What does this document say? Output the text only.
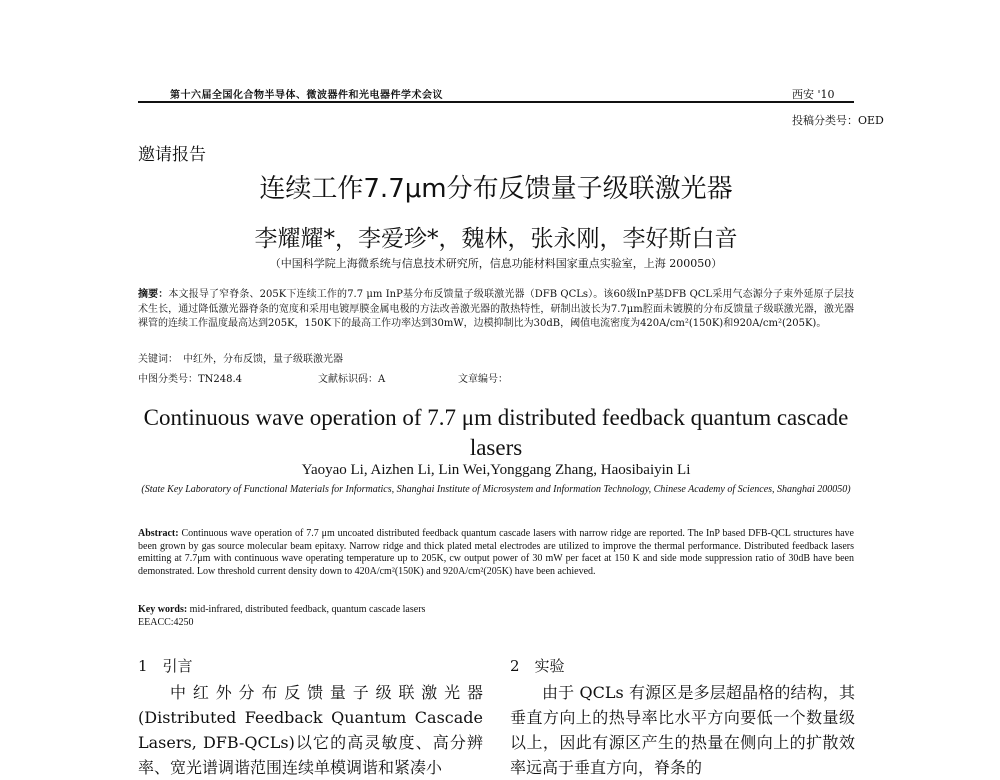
第十六届全国化合物半导体、微波器件和光电器件学术会议	西安 '10
投稿分类号：OED
邀请报告
连续工作7.7μm分布反馈量子级联激光器
李耀耀*，李爱珍*，魏林，张永刚，李好斯白音
（中国科学院上海微系统与信息技术研究所，信息功能材料国家重点实验室，上海 200050）
摘要：本文报导了窄脊条、205K下连续工作的7.7 μm InP基分布反馈量子级联激光器（DFB QCLs）。该60级InP基DFB QCL采用气态源分子束外延原子层技术生长，通过降低激光器脊条的宽度和采用电镀厚膜金属电极的方法改善激光器的散热特性，研制出波长为7.7μm腔面未镀膜的分布反馈量子级联激光器，激光器裸管的连续工作温度最高达到205K，150K下的最高工作功率达到30mW，边模抑制比为30dB，阈值电流密度为420A/cm²(150K)和920A/cm²(205K)。
关键词：　中红外，分布反馈，量子级联激光器
中图分类号：TN248.4	文献标识码：A	文章编号：
Continuous wave operation of 7.7 μm distributed feedback quantum cascade lasers
Yaoyao Li, Aizhen Li, Lin Wei,Yonggang Zhang, Haosibaiyin Li
(State Key Laboratory of Functional Materials for Informatics, Shanghai Institute of Microsystem and Information Technology, Chinese Academy of Sciences, Shanghai 200050)
Abstract: Continuous wave operation of 7.7 μm uncoated distributed feedback quantum cascade lasers with narrow ridge are reported. The InP based DFB-QCL structures have been grown by gas source molecular beam epitaxy. Narrow ridge and thick plated metal electrodes are utilized to improve the thermal performance. Distributed feedback lasers emitting at 7.7μm with continuous wave operating temperature up to 205K, cw output power of 30 mW per facet at 150 K and side mode suppression ratio of 30dB have been demonstrated. Low threshold current density down to 420A/cm²(150K) and 920A/cm²(205K) have been achieved.
Key words: mid-infrared, distributed feedback, quantum cascade lasers
EEACC:4250
1　引言	2　实验
中红外分布反馈量子级联激光器(Distributed Feedback Quantum Cascade Lasers, DFB-QCLs)以它的高灵敏度、高分辨率、宽光谱调谐范围连续单模调谐和紧凑小
由于 QCLs 有源区是多层超晶格的结构，其垂直方向上的热导率比水平方向要低一个数量级以上，因此有源区产生的热量在侧向上的扩散效率远高于垂直方向，脊条的
